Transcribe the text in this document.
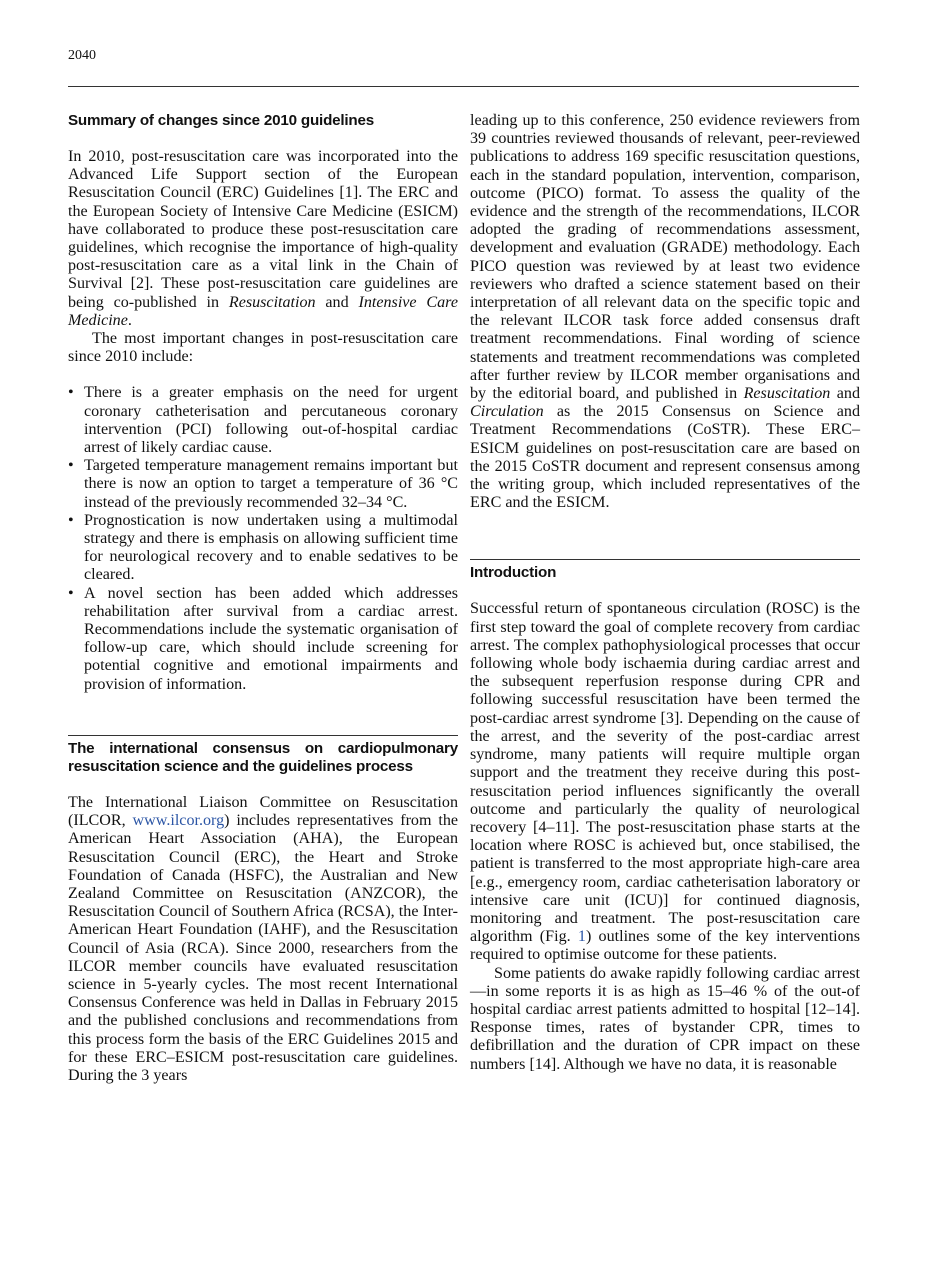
2040
Summary of changes since 2010 guidelines

In 2010, post-resuscitation care was incorporated into the Advanced Life Support section of the European Resuscitation Council (ERC) Guidelines [1]. The ERC and the European Society of Intensive Care Medicine (ESICM) have collaborated to produce these post-resuscitation care guidelines, which recognise the importance of high-quality post-resuscitation care as a vital link in the Chain of Survival [2]. These post-resuscitation care guidelines are being co-published in Resuscitation and Intensive Care Medicine.

The most important changes in post-resuscitation care since 2010 include:

• There is a greater emphasis on the need for urgent coronary catheterisation and percutaneous coronary intervention (PCI) following out-of-hospital cardiac arrest of likely cardiac cause.
• Targeted temperature management remains important but there is now an option to target a temperature of 36 °C instead of the previously recommended 32–34 °C.
• Prognostication is now undertaken using a multimodal strategy and there is emphasis on allowing sufficient time for neurological recovery and to enable sedatives to be cleared.
• A novel section has been added which addresses rehabilitation after survival from a cardiac arrest. Recommendations include the systematic organisation of follow-up care, which should include screening for potential cognitive and emotional impairments and provision of information.
The international consensus on cardiopulmonary resuscitation science and the guidelines process

The International Liaison Committee on Resuscitation (ILCOR, www.ilcor.org) includes representatives from the American Heart Association (AHA), the European Resuscitation Council (ERC), the Heart and Stroke Foundation of Canada (HSFC), the Australian and New Zealand Committee on Resuscitation (ANZCOR), the Resuscitation Council of Southern Africa (RCSA), the Inter-American Heart Foundation (IAHF), and the Resuscitation Council of Asia (RCA). Since 2000, researchers from the ILCOR member councils have evaluated resuscitation science in 5-yearly cycles. The most recent International Consensus Conference was held in Dallas in February 2015 and the published conclusions and recommendations from this process form the basis of the ERC Guidelines 2015 and for these ERC–ESICM post-resuscitation care guidelines. During the 3 years

leading up to this conference, 250 evidence reviewers from 39 countries reviewed thousands of relevant, peer-reviewed publications to address 169 specific resuscitation questions, each in the standard population, intervention, comparison, outcome (PICO) format. To assess the quality of the evidence and the strength of the recommendations, ILCOR adopted the grading of recommendations assessment, development and evaluation (GRADE) methodology. Each PICO question was reviewed by at least two evidence reviewers who drafted a science statement based on their interpretation of all relevant data on the specific topic and the relevant ILCOR task force added consensus draft treatment recommendations. Final wording of science statements and treatment recommendations was completed after further review by ILCOR member organisations and by the editorial board, and published in Resuscitation and Circulation as the 2015 Consensus on Science and Treatment Recommendations (CoSTR). These ERC–ESICM guidelines on post-resuscitation care are based on the 2015 CoSTR document and represent consensus among the writing group, which included representatives of the ERC and the ESICM.

Introduction

Successful return of spontaneous circulation (ROSC) is the first step toward the goal of complete recovery from cardiac arrest. The complex pathophysiological processes that occur following whole body ischaemia during cardiac arrest and the subsequent reperfusion response during CPR and following successful resuscitation have been termed the post-cardiac arrest syndrome [3]. Depending on the cause of the arrest, and the severity of the post-cardiac arrest syndrome, many patients will require multiple organ support and the treatment they receive during this post-resuscitation period influences significantly the overall outcome and particularly the quality of neurological recovery [4–11]. The post-resuscitation phase starts at the location where ROSC is achieved but, once stabilised, the patient is transferred to the most appropriate high-care area [e.g., emergency room, cardiac catheterisation laboratory or intensive care unit (ICU)] for continued diagnosis, monitoring and treatment. The post-resuscitation care algorithm (Fig. 1) outlines some of the key interventions required to optimise outcome for these patients.

Some patients do awake rapidly following cardiac arrest—in some reports it is as high as 15–46 % of the out-of hospital cardiac arrest patients admitted to hospital [12–14]. Response times, rates of bystander CPR, times to defibrillation and the duration of CPR impact on these numbers [14]. Although we have no data, it is reasonable
